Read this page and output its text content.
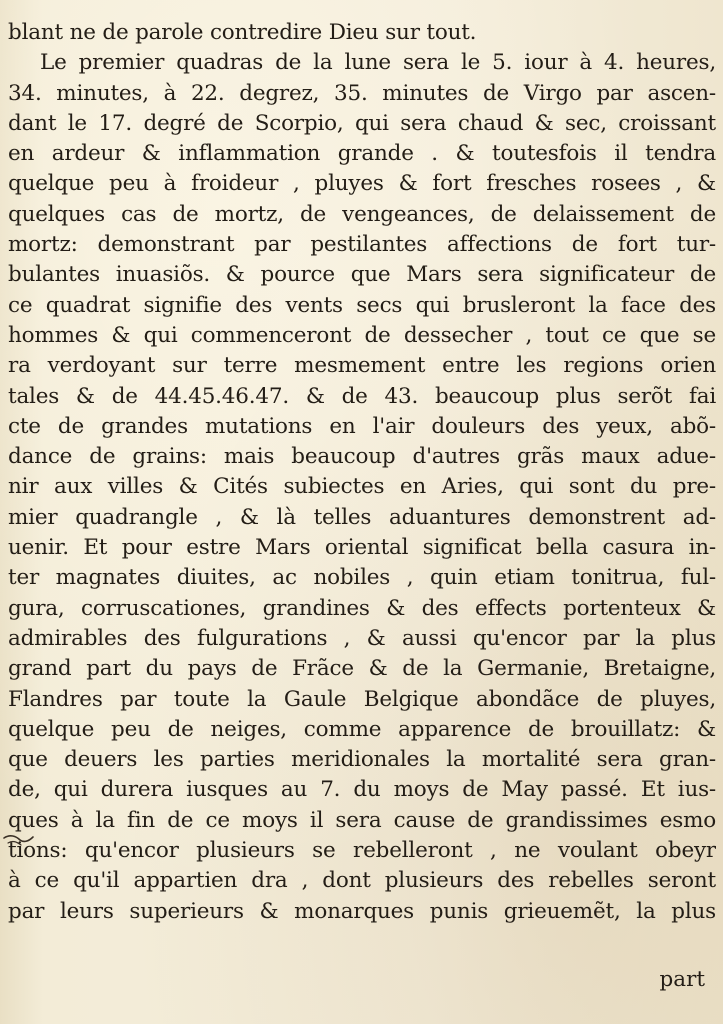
blant ne de parole contredire Dieu sur tout.
Le premier quadras de la lune sera le 5. iour à 4. heures,
34. minutes, à 22. degrez, 35. minutes de Virgo par ascen-
dant le 17. degré de Scorpio, qui sera chaud & sec, croissant
en ardeur & inflammation grande . & toutesfois il tendra
quelque peu à froideur , pluyes & fort fresches rosees , &
quelques cas de mortz, de vengeances, de delaissement de
mortz: demonstrant par pestilantes affections de fort tur-
bulantes inuasiõs. & pource que Mars sera significateur de
ce quadrat signifie des vents secs qui brusleront la face des
hommes & qui commenceront de dessecher , tout ce que se
ra verdoyant sur terre mesmement entre les regions orien
tales & de 44.45.46.47. & de 43. beaucoup plus serõt fai
cte de grandes mutations en l'air douleurs des yeux, abõ-
dance de grains: mais beaucoup d'autres grãs maux adue-
nir aux villes & Cités subiectes en Aries, qui sont du pre-
mier quadrangle , & là telles aduantures demonstrent ad-
uenir. Et pour estre Mars oriental significat bella casura in-
ter magnates diuites, ac nobiles , quin etiam tonitrua, ful-
gura, corruscationes, grandines & des effects portenteux &
admirables des fulgurations , & aussi qu'encor par la plus
grand part du pays de Frãce & de la Germanie, Bretaigne,
Flandres par toute la Gaule Belgique abondãce de pluyes,
quelque peu de neiges, comme apparence de brouillatz: &
que deuers les parties meridionales la mortalité sera gran-
de, qui durera iusques au 7. du moys de May passé. Et ius-
ques à la fin de ce moys il sera cause de grandissimes esmo
tions: qu'encor plusieurs se rebelleront , ne voulant obeyr
à ce qu'il appartien dra , dont plusieurs des rebelles seront
par leurs superieurs & monarques punis grieuemẽt, la plus
part
